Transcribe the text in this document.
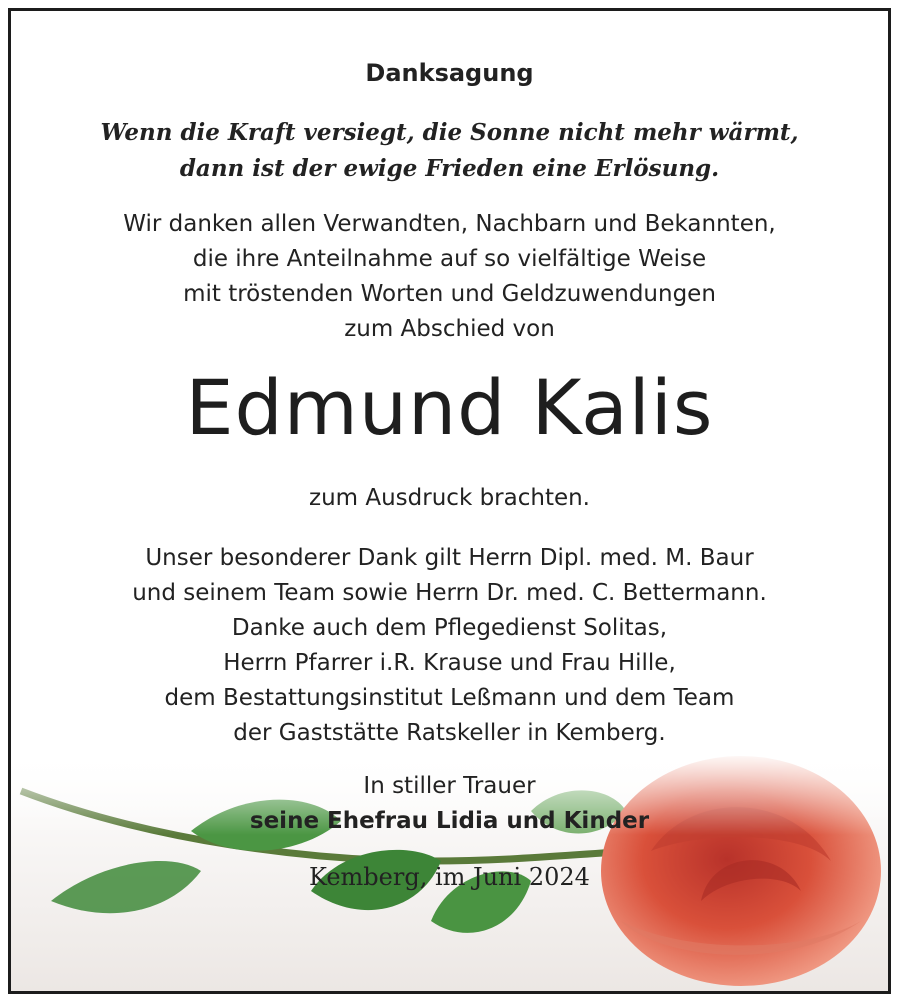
Danksagung
Wenn die Kraft versiegt, die Sonne nicht mehr wärmt,
dann ist der ewige Frieden eine Erlösung.
Wir danken allen Verwandten, Nachbarn und Bekannten,
die ihre Anteilnahme auf so vielfältige Weise
mit tröstenden Worten und Geldzuwendungen
zum Abschied von
Edmund Kalis
zum Ausdruck brachten.
Unser besonderer Dank gilt Herrn Dipl. med. M. Baur
und seinem Team sowie Herrn Dr. med. C. Bettermann.
Danke auch dem Pflegedienst Solitas,
Herrn Pfarrer i.R. Krause und Frau Hille,
dem Bestattungsinstitut Leßmann und dem Team
der Gaststätte Ratskeller in Kemberg.
In stiller Trauer
seine Ehefrau Lidia und Kinder
Kemberg, im Juni 2024
